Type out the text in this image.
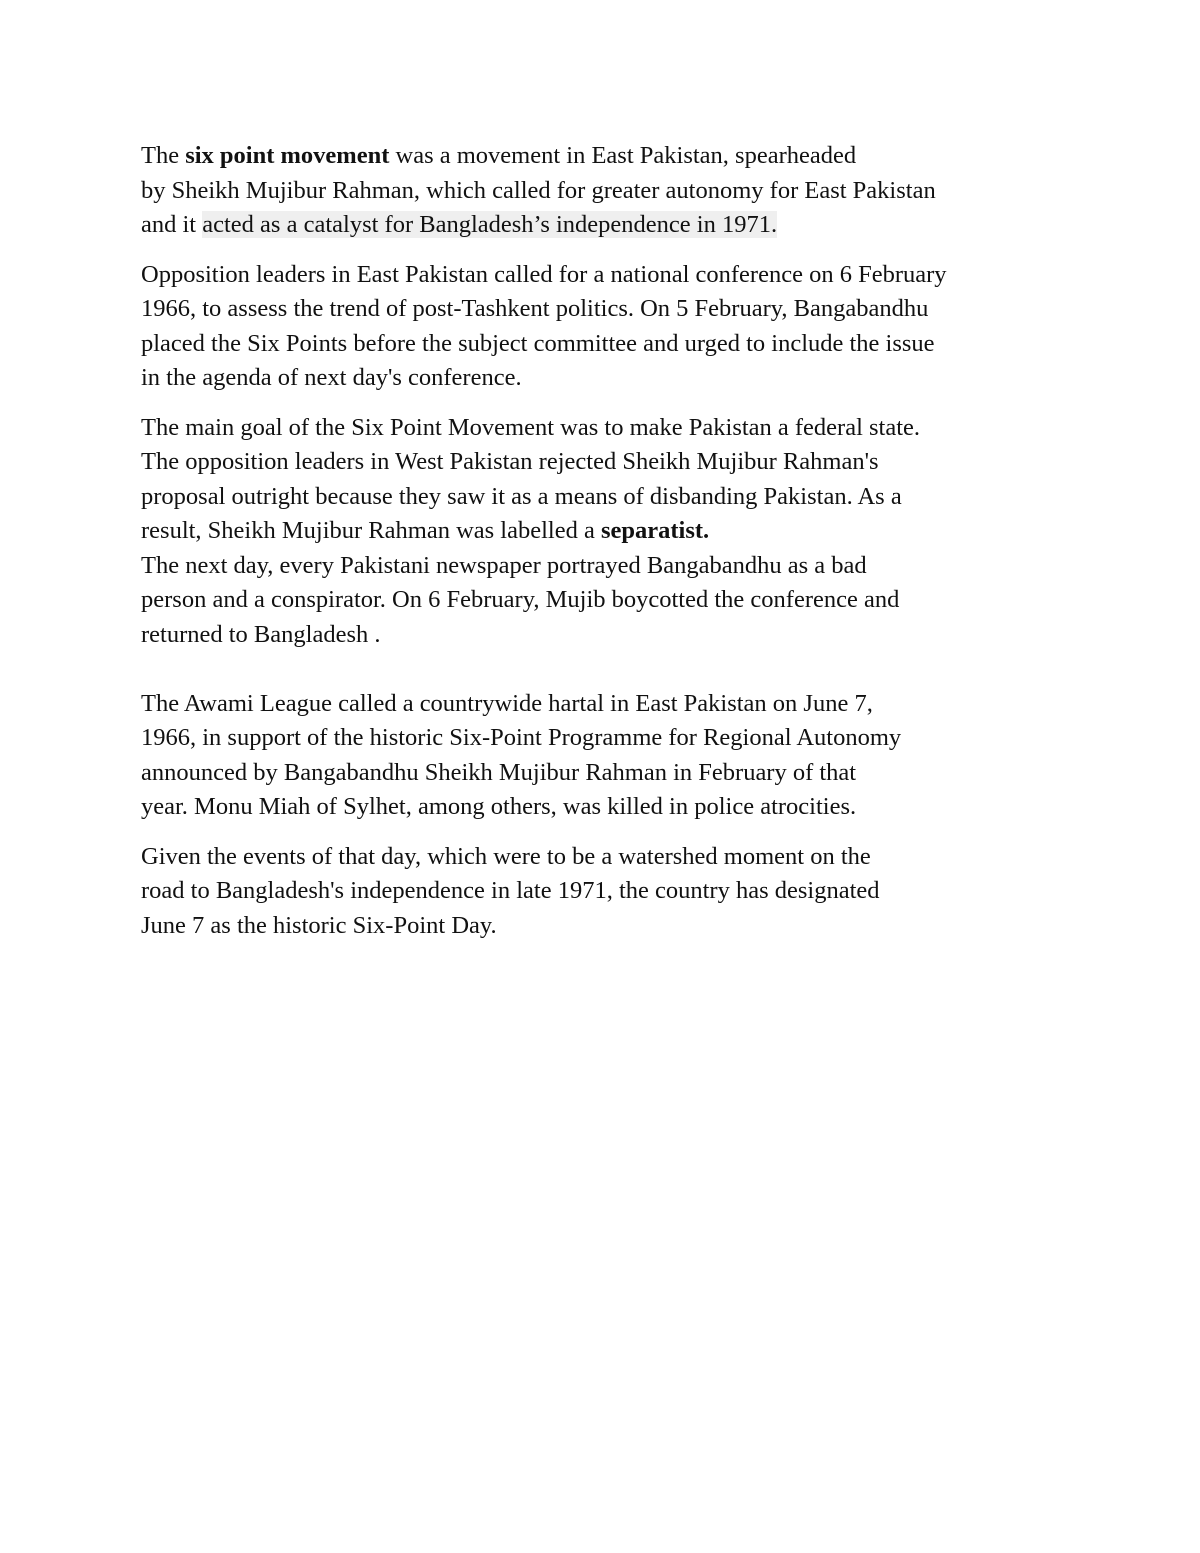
The six point movement was a movement in East Pakistan, spearheaded
by Sheikh Mujibur Rahman, which called for greater autonomy for East Pakistan
and it acted as a catalyst for Bangladesh’s independence in 1971.
Opposition leaders in East Pakistan called for a national conference on 6 February
1966, to assess the trend of post-Tashkent politics. On 5 February, Bangabandhu
placed the Six Points before the subject committee and urged to include the issue
in the agenda of next day's conference.
The main goal of the Six Point Movement was to make Pakistan a federal state.
The opposition leaders in West Pakistan rejected Sheikh Mujibur Rahman's
proposal outright because they saw it as a means of disbanding Pakistan. As a
result, Sheikh Mujibur Rahman was labelled a separatist.
The next day, every Pakistani newspaper portrayed Bangabandhu as a bad
person and a conspirator. On 6 February, Mujib boycotted the conference and
returned to Bangladesh .
The Awami League called a countrywide hartal in East Pakistan on June 7,
1966, in support of the historic Six-Point Programme for Regional Autonomy
announced by Bangabandhu Sheikh Mujibur Rahman in February of that
year. Monu Miah of Sylhet, among others, was killed in police atrocities.
Given the events of that day, which were to be a watershed moment on the
road to Bangladesh's independence in late 1971, the country has designated
June 7 as the historic Six-Point Day.
